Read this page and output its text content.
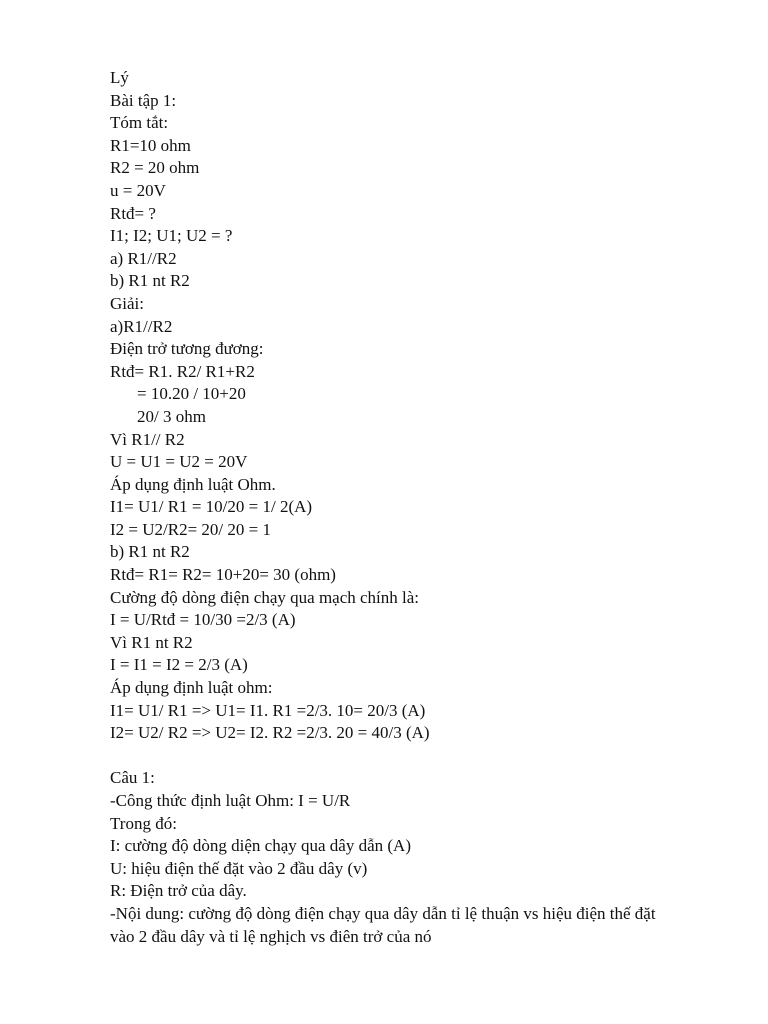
Lý
Bài tập 1:
Tóm tắt:
R1=10 ohm
R2 = 20 ohm
u = 20V
Rtđ= ?
I1; I2; U1; U2 = ?
a) R1//R2
b) R1 nt R2
Giải:
a)R1//R2
Điện trở tương đương:
Rtđ= R1. R2/ R1+R2
= 10.20 / 10+20
20/ 3 ohm
Vì R1// R2
U = U1 = U2 = 20V
Áp dụng định luật Ohm.
I1= U1/ R1 = 10/20 = 1/ 2(A)
I2 = U2/R2= 20/ 20 = 1
b) R1 nt R2
Rtđ= R1= R2= 10+20= 30 (ohm)
Cường độ dòng điện chạy qua mạch chính là:
I = U/Rtđ = 10/30 =2/3 (A)
Vì R1 nt R2
I = I1 = I2 = 2/3 (A)
Áp dụng định luật ohm:
I1= U1/ R1 => U1= I1. R1 =2/3. 10= 20/3 (A)
I2= U2/ R2 => U2= I2. R2 =2/3. 20 = 40/3 (A)
Câu 1:
-Công thức định luật Ohm: I = U/R
Trong đó:
I: cường độ dòng diện chạy qua dây dẫn (A)
U: hiệu điện thế đặt vào 2 đầu dây (v)
R: Điện trở của dây.
-Nội dung: cường độ dòng điện chạy qua dây dẫn tỉ lệ thuận vs hiệu điện thế đặt
vào 2 đầu dây và tỉ lệ nghịch vs điên trở của nó
